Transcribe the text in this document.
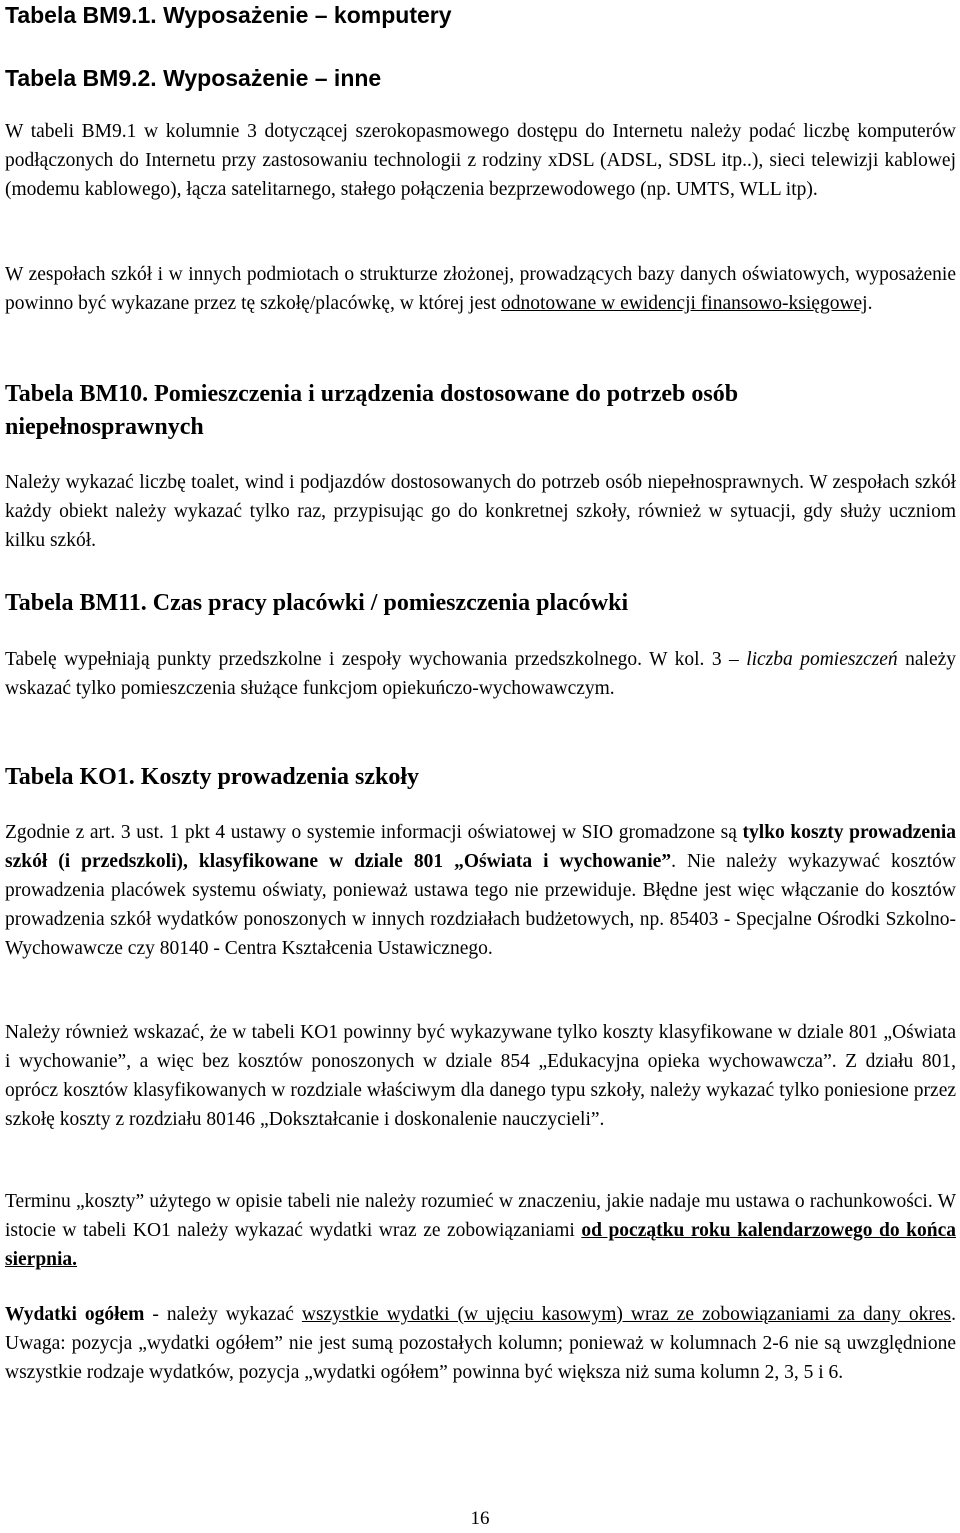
Tabela BM9.1. Wyposażenie – komputery
Tabela BM9.2. Wyposażenie – inne
W tabeli BM9.1 w kolumnie 3 dotyczącej szerokopasmowego dostępu do Internetu należy podać liczbę komputerów podłączonych do Internetu przy zastosowaniu technologii z rodziny xDSL (ADSL, SDSL itp..), sieci telewizji kablowej (modemu kablowego), łącza satelitarnego, stałego połączenia bezprzewodowego (np. UMTS, WLL itp).
W zespołach szkół i w innych podmiotach o strukturze złożonej, prowadzących bazy danych oświatowych, wyposażenie powinno być wykazane przez tę szkołę/placówkę, w której jest odnotowane w ewidencji finansowo-księgowej.
Tabela BM10. Pomieszczenia i urządzenia dostosowane do potrzeb osób
niepełnosprawnych
Należy wykazać liczbę toalet, wind i podjazdów dostosowanych do potrzeb osób niepełnosprawnych. W zespołach szkół każdy obiekt należy wykazać tylko raz, przypisując go do konkretnej szkoły, również w sytuacji, gdy służy uczniom kilku szkół.
Tabela BM11. Czas pracy placówki / pomieszczenia placówki
Tabelę wypełniają punkty przedszkolne i zespoły wychowania przedszkolnego. W kol. 3 – liczba pomieszczeń należy wskazać tylko pomieszczenia służące funkcjom opiekuńczo-wychowawczym.
Tabela KO1. Koszty prowadzenia szkoły
Zgodnie z art. 3 ust. 1 pkt 4 ustawy o systemie informacji oświatowej w SIO gromadzone są tylko koszty prowadzenia szkół (i przedszkoli), klasyfikowane w dziale 801 „Oświata i wychowanie”. Nie należy wykazywać kosztów prowadzenia placówek systemu oświaty, ponieważ ustawa tego nie przewiduje. Błędne jest więc włączanie do kosztów prowadzenia szkół wydatków ponoszonych w innych rozdziałach budżetowych, np. 85403 - Specjalne Ośrodki Szkolno-Wychowawcze czy 80140 - Centra Kształcenia Ustawicznego.
Należy również wskazać, że w tabeli KO1 powinny być wykazywane tylko koszty klasyfikowane w dziale 801 „Oświata i wychowanie”, a więc bez kosztów ponoszonych w dziale 854 „Edukacyjna opieka wychowawcza”. Z działu 801, oprócz kosztów klasyfikowanych w rozdziale właściwym dla danego typu szkoły, należy wykazać tylko poniesione przez szkołę koszty z rozdziału 80146 „Dokształcanie i doskonalenie nauczycieli”.
Terminu „koszty” użytego w opisie tabeli nie należy rozumieć w znaczeniu, jakie nadaje mu ustawa o rachunkowości. W istocie w tabeli KO1 należy wykazać wydatki wraz ze zobowiązaniami od początku roku kalendarzowego do końca sierpnia.
Wydatki ogółem - należy wykazać wszystkie wydatki (w ujęciu kasowym) wraz ze zobowiązaniami za dany okres. Uwaga: pozycja „wydatki ogółem” nie jest sumą pozostałych kolumn; ponieważ w kolumnach 2-6 nie są uwzględnione wszystkie rodzaje wydatków, pozycja „wydatki ogółem” powinna być większa niż suma kolumn 2, 3, 5 i 6.
16
